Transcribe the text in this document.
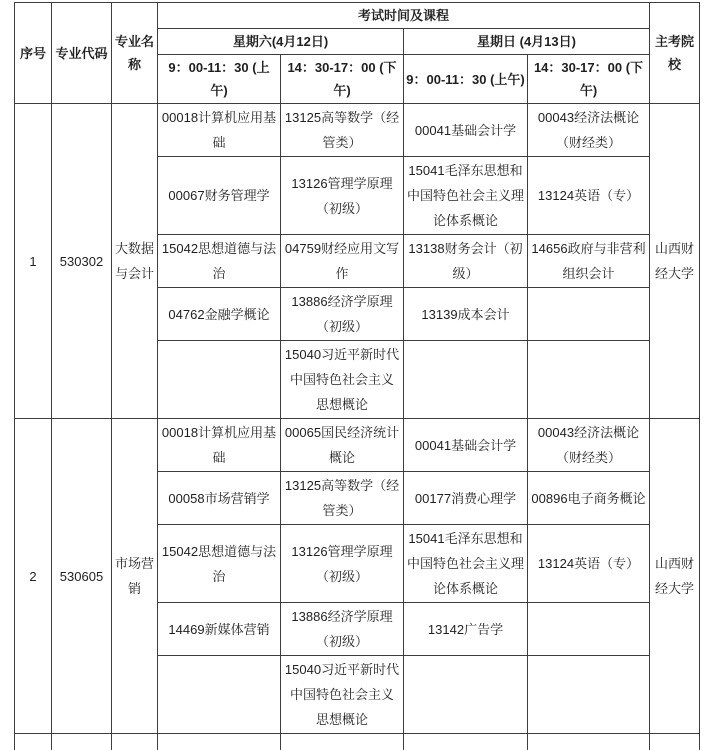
序号	专业代码	专业名称	考试时间及课程				主考院校
			星期六(4月12日)		星期日 (4月13日)		
			9：00-11：30 (上午)	14：30-17：00 (下午)	9：00-11：30 (上午)	14：30-17：00 (下午)	
1	530302	大数据与会计	00018计算机应用基础	13125高等数学（经管类）	00041基础会计学	00043经济法概论（财经类）	山西财经大学
			00067财务管理学	13126管理学原理（初级）	15041毛泽东思想和中国特色社会主义理论体系概论	13124英语（专）	
			15042思想道德与法治	04759财经应用文写作	13138财务会计（初级）	14656政府与非营利组织会计	
			04762金融学概论	13886经济学原理（初级）	13139成本会计		
				15040习近平新时代中国特色社会主义思想概论			
2	530605	市场营销	00018计算机应用基础	00065国民经济统计概论	00041基础会计学	00043经济法概论（财经类）	山西财经大学
			00058市场营销学	13125高等数学（经管类）	00177消费心理学	00896电子商务概论	
			15042思想道德与法治	13126管理学原理（初级）	15041毛泽东思想和中国特色社会主义理论体系概论	13124英语（专）	
			14469新媒体营销	13886经济学原理（初级）	13142广告学		
				15040习近平新时代中国特色社会主义思想概论			
